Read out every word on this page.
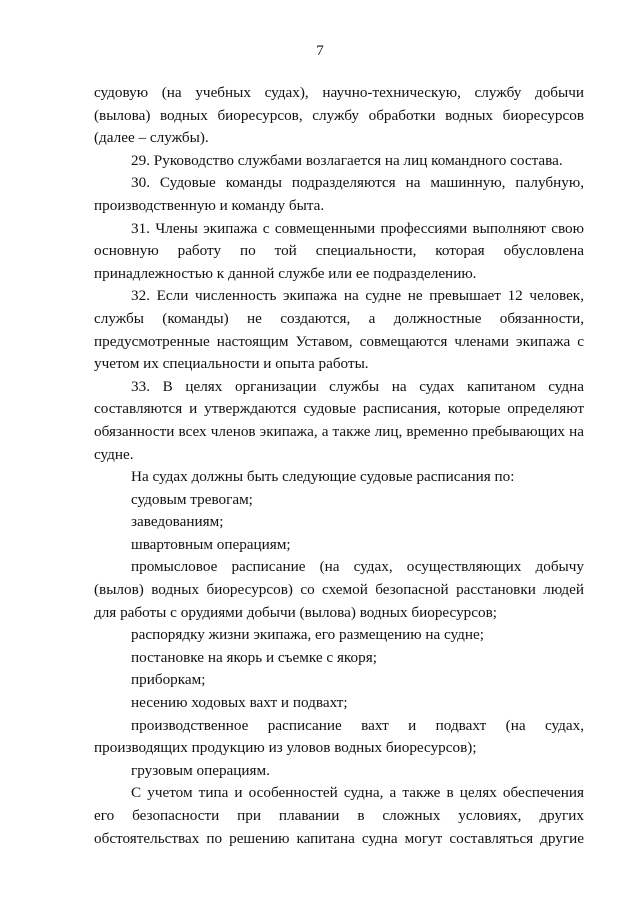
7

судовую (на учебных судах), научно-техническую, службу добычи (вылова) водных биоресурсов, службу обработки водных биоресурсов (далее – службы).

29. Руководство службами возлагается на лиц командного состава.

30. Судовые команды подразделяются на машинную, палубную, производственную и команду быта.

31. Члены экипажа с совмещенными профессиями выполняют свою основную работу по той специальности, которая обусловлена принадлежностью к данной службе или ее подразделению.

32. Если численность экипажа на судне не превышает 12 человек, службы (команды) не создаются, а должностные обязанности, предусмотренные настоящим Уставом, совмещаются членами экипажа с учетом их специальности и опыта работы.

33. В целях организации службы на судах капитаном судна составляются и утверждаются судовые расписания, которые определяют обязанности всех членов экипажа, а также лиц, временно пребывающих на судне.

На судах должны быть следующие судовые расписания по:

судовым тревогам;

заведованиям;

швартовным операциям;

промысловое расписание (на судах, осуществляющих добычу (вылов) водных биоресурсов) со схемой безопасной расстановки людей для работы с орудиями добычи (вылова) водных биоресурсов;

распорядку жизни экипажа, его размещению на судне;

постановке на якорь и съемке с якоря;

приборкам;

несению ходовых вахт и подвахт;

производственное расписание вахт и подвахт (на судах, производящих продукцию из уловов водных биоресурсов);

грузовым операциям.

С учетом типа и особенностей судна, а также в целях обеспечения его безопасности при плавании в сложных условиях, других обстоятельствах по решению капитана судна могут составляться другие
